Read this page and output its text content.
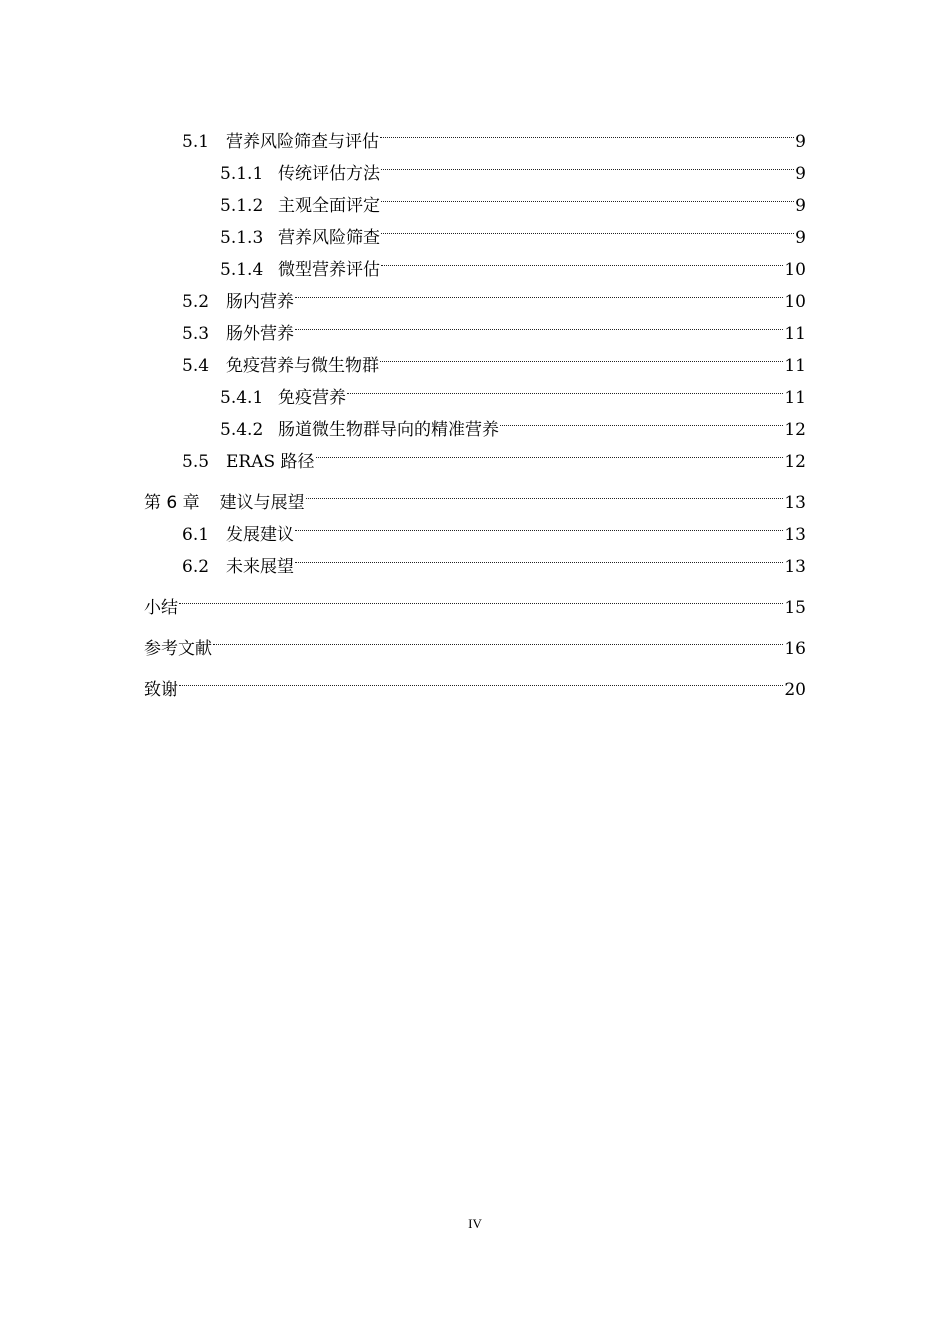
5.1 营养风险筛查与评估	9
5.1.1 传统评估方法	9
5.1.2 主观全面评定	9
5.1.3 营养风险筛查	9
5.1.4 微型营养评估	10
5.2 肠内营养	10
5.3 肠外营养	11
5.4 免疫营养与微生物群	11
5.4.1 免疫营养	11
5.4.2 肠道微生物群导向的精准营养	12
5.5 ERAS 路径	12
第 6 章 建议与展望	13
6.1 发展建议	13
6.2 未来展望	13
小结	15
参考文献	16
致谢	20
IV
